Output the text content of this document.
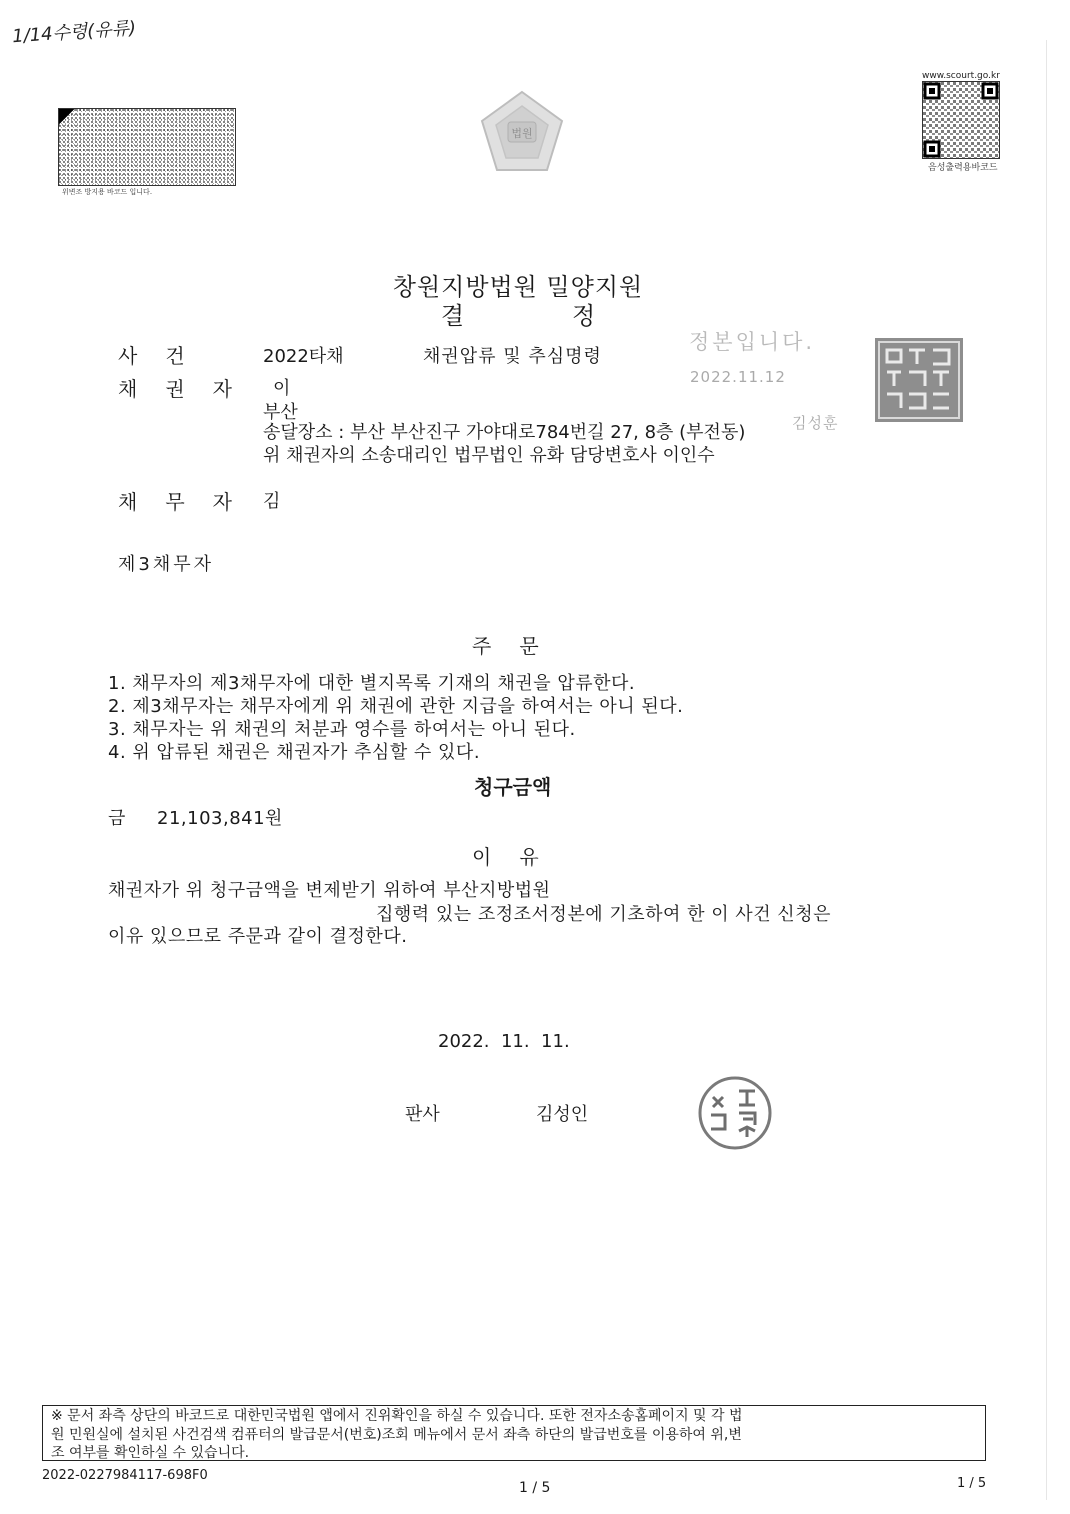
1/14수령(유류)
위변조 방지용 바코드 입니다.
법원
www.scourt.go.kr
음성출력용바코드
창원지방법원 밀양지원
결정
사건	2022타채	채권압류 및 추심명령
채권자 이
부산
송달장소 : 부산 부산진구 가야대로784번길 27, 8층 (부전동)
위 채권자의 소송대리인 법무법인 유화 담당변호사 이인수
채무자 김
제3채무자
정본입니다.
2022.11.12
김성훈
주문
1. 채무자의 제3채무자에 대한 별지목록 기재의 채권을 압류한다.
2. 제3채무자는 채무자에게 위 채권에 관한 지급을 하여서는 아니 된다.
3. 채무자는 위 채권의 처분과 영수를 하여서는 아니 된다.
4. 위 압류된 채권은 채권자가 추심할 수 있다.
청구금액
금 21,103,841원
이유
채권자가 위 청구금액을 변제받기 위하여 부산지방법원
집행력 있는 조정조서정본에 기초하여 한 이 사건 신청은
이유 있으므로 주문과 같이 결정한다.
2022.  11.  11.
판사	김성인
※ 문서 좌측 상단의 바코드로 대한민국법원 앱에서 진위확인을 하실 수 있습니다. 또한 전자소송홈페이지 및 각 법
원 민원실에 설치된 사건검색 컴퓨터의 발급문서(번호)조회 메뉴에서 문서 좌측 하단의 발급번호를 이용하여 위,변
조 여부를 확인하실 수 있습니다.
2022-0227984117-698F0
1 / 5	1 / 5
